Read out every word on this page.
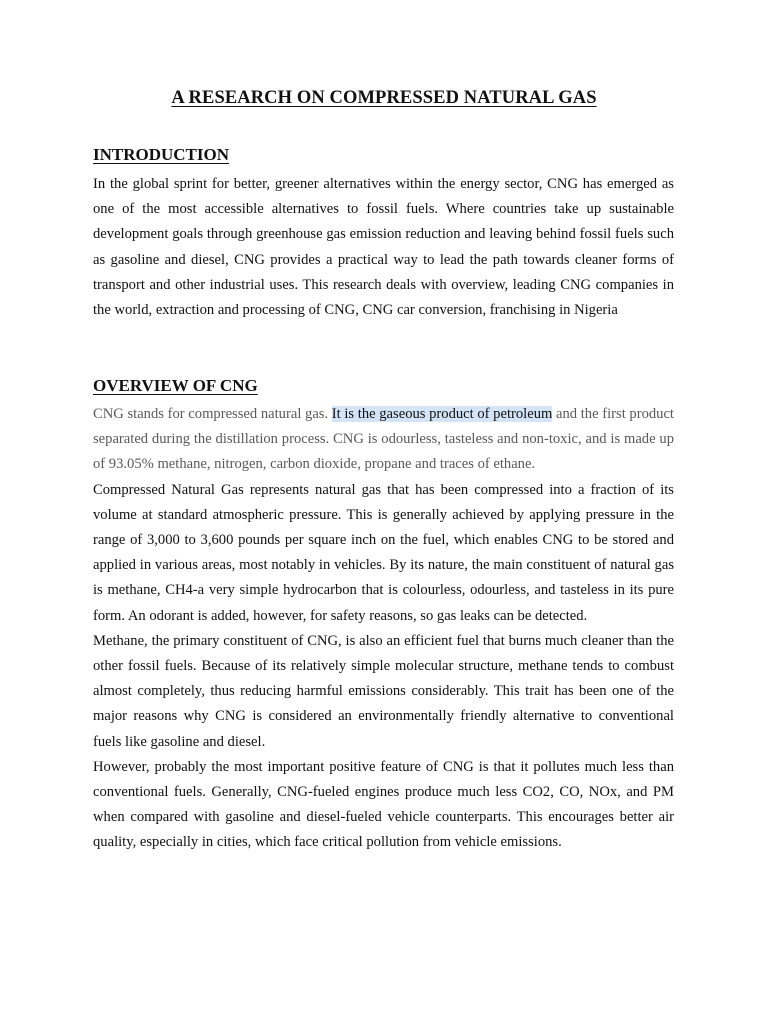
A RESEARCH ON COMPRESSED NATURAL GAS
INTRODUCTION

In the global sprint for better, greener alternatives within the energy sector, CNG has emerged as one of the most accessible alternatives to fossil fuels. Where countries take up sustainable development goals through greenhouse gas emission reduction and leaving behind fossil fuels such as gasoline and diesel, CNG provides a practical way to lead the path towards cleaner forms of transport and other industrial uses. This research deals with overview, leading CNG companies in the world, extraction and processing of CNG, CNG car conversion, franchising in Nigeria

OVERVIEW OF CNG
CNG stands for compressed natural gas. It is the gaseous product of petroleum and the first product separated during the distillation process. CNG is odourless, tasteless and non-toxic, and is made up of 93.05% methane, nitrogen, carbon dioxide, propane and traces of ethane.
Compressed Natural Gas represents natural gas that has been compressed into a fraction of its volume at standard atmospheric pressure. This is generally achieved by applying pressure in the range of 3,000 to 3,600 pounds per square inch on the fuel, which enables CNG to be stored and applied in various areas, most notably in vehicles. By its nature, the main constituent of natural gas is methane, CH4-a very simple hydrocarbon that is colourless, odourless, and tasteless in its pure form. An odorant is added, however, for safety reasons, so gas leaks can be detected.
Methane, the primary constituent of CNG, is also an efficient fuel that burns much cleaner than the other fossil fuels. Because of its relatively simple molecular structure, methane tends to combust almost completely, thus reducing harmful emissions considerably. This trait has been one of the major reasons why CNG is considered an environmentally friendly alternative to conventional fuels like gasoline and diesel.
However, probably the most important positive feature of CNG is that it pollutes much less than conventional fuels. Generally, CNG-fueled engines produce much less CO2, CO, NOx, and PM when compared with gasoline and diesel-fueled vehicle counterparts. This encourages better air quality, especially in cities, which face critical pollution from vehicle emissions.
